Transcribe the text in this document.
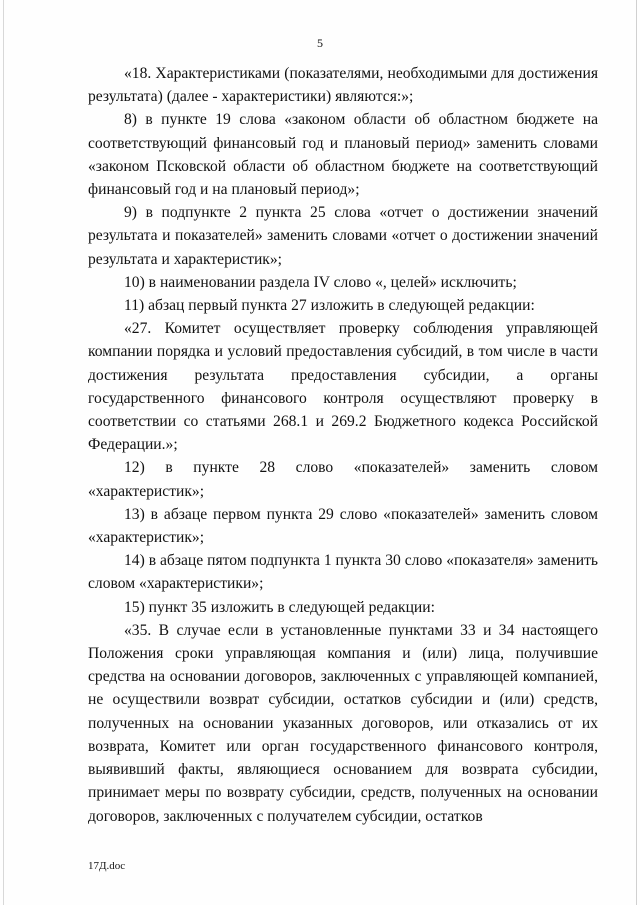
5

«18. Характеристиками (показателями, необходимыми для достижения результата) (далее - характеристики) являются:»;

8) в пункте 19 слова «законом области об областном бюджете на соответствующий финансовый год и плановый период» заменить словами «законом Псковской области об областном бюджете на соответствующий финансовый год и на плановый период»;

9) в подпункте 2 пункта 25 слова «отчет о достижении значений результата и показателей» заменить словами «отчет о достижении значений результата и характеристик»;

10) в наименовании раздела IV слово «, целей» исключить;

11) абзац первый пункта 27 изложить в следующей редакции:

«27. Комитет осуществляет проверку соблюдения управляющей компании порядка и условий предоставления субсидий, в том числе в части достижения результата предоставления субсидии, а органы государственного финансового контроля осуществляют проверку в соответствии со статьями 268.1 и 269.2 Бюджетного кодекса Российской Федерации.»;

12) в пункте 28 слово «показателей» заменить словом «характеристик»;

13) в абзаце первом пункта 29 слово «показателей» заменить словом «характеристик»;

14) в абзаце пятом подпункта 1 пункта 30 слово «показателя» заменить словом «характеристики»;

15) пункт 35 изложить в следующей редакции:

«35. В случае если в установленные пунктами 33 и 34 настоящего Положения сроки управляющая компания и (или) лица, получившие средства на основании договоров, заключенных с управляющей компанией, не осуществили возврат субсидии, остатков субсидии и (или) средств, полученных на основании указанных договоров, или отказались от их возврата, Комитет или орган государственного финансового контроля, выявивший факты, являющиеся основанием для возврата субсидии, принимает меры по возврату субсидии, средств, полученных на основании договоров, заключенных с получателем субсидии, остатков

17Д.doc
